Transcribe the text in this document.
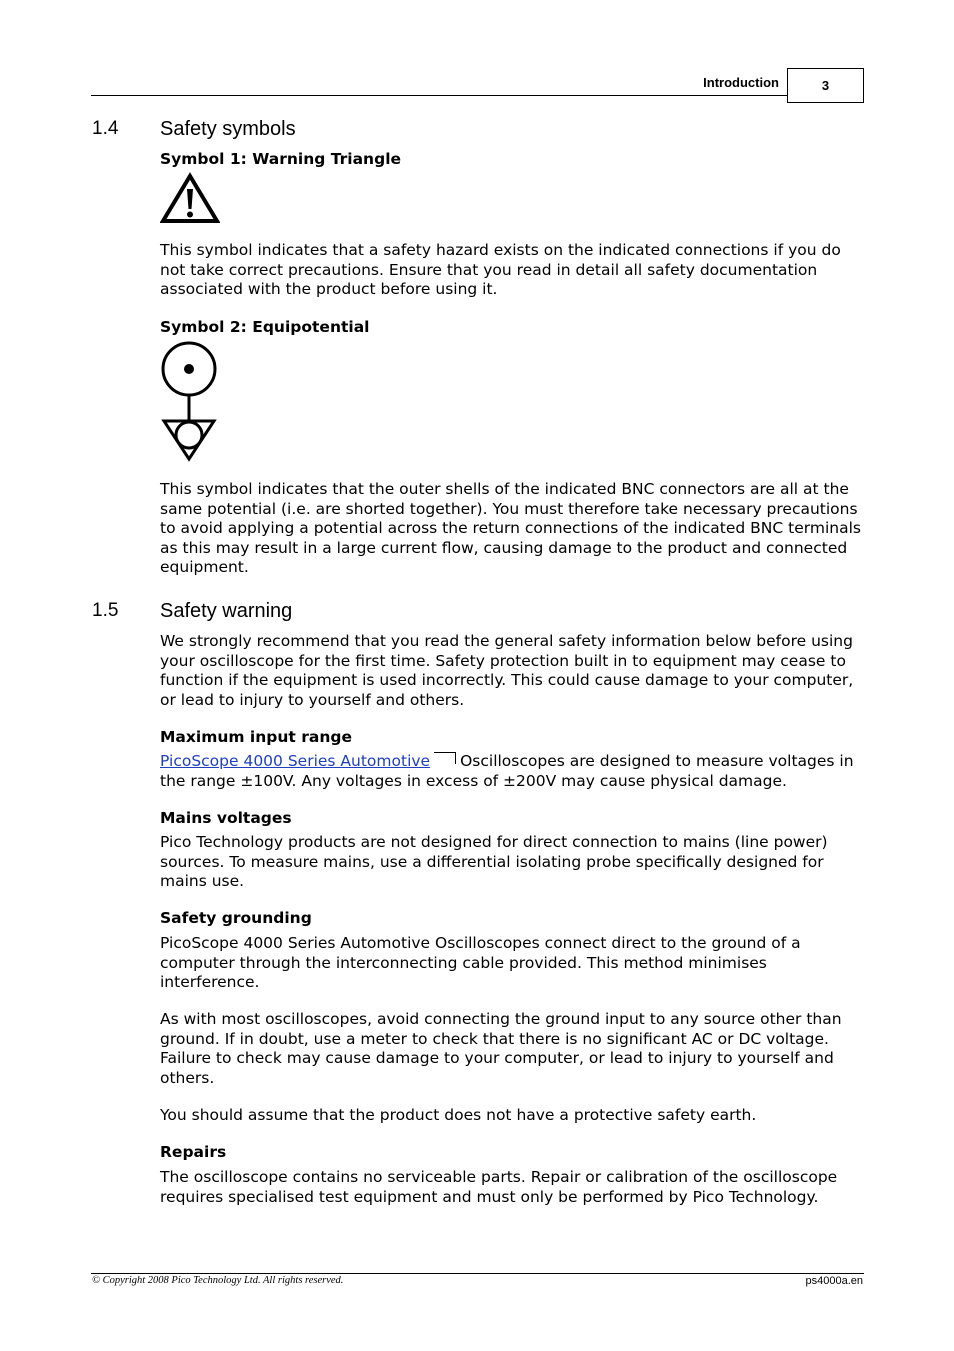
Introduction	3
1.4 Safety symbols
Symbol 1: Warning Triangle
This symbol indicates that a safety hazard exists on the indicated connections if you do not take correct precautions. Ensure that you read in detail all safety documentation associated with the product before using it.
Symbol 2: Equipotential
This symbol indicates that the outer shells of the indicated BNC connectors are all at the same potential (i.e. are shorted together). You must therefore take necessary precautions to avoid applying a potential across the return connections of the indicated BNC terminals as this may result in a large current flow, causing damage to the product and connected equipment.
1.5 Safety warning
We strongly recommend that you read the general safety information below before using your oscilloscope for the first time. Safety protection built in to equipment may cease to function if the equipment is used incorrectly. This could cause damage to your computer, or lead to injury to yourself and others.
Maximum input range
PicoScope 4000 Series Automotive Oscilloscopes are designed to measure voltages in the range ±100V. Any voltages in excess of ±200V may cause physical damage.
Mains voltages
Pico Technology products are not designed for direct connection to mains (line power) sources. To measure mains, use a differential isolating probe specifically designed for mains use.
Safety grounding
PicoScope 4000 Series Automotive Oscilloscopes connect direct to the ground of a computer through the interconnecting cable provided. This method minimises interference.
As with most oscilloscopes, avoid connecting the ground input to any source other than ground. If in doubt, use a meter to check that there is no significant AC or DC voltage. Failure to check may cause damage to your computer, or lead to injury to yourself and others.
You should assume that the product does not have a protective safety earth.
Repairs
The oscilloscope contains no serviceable parts. Repair or calibration of the oscilloscope requires specialised test equipment and must only be performed by Pico Technology.
© Copyright 2008 Pico Technology Ltd. All rights reserved.	ps4000a.en
